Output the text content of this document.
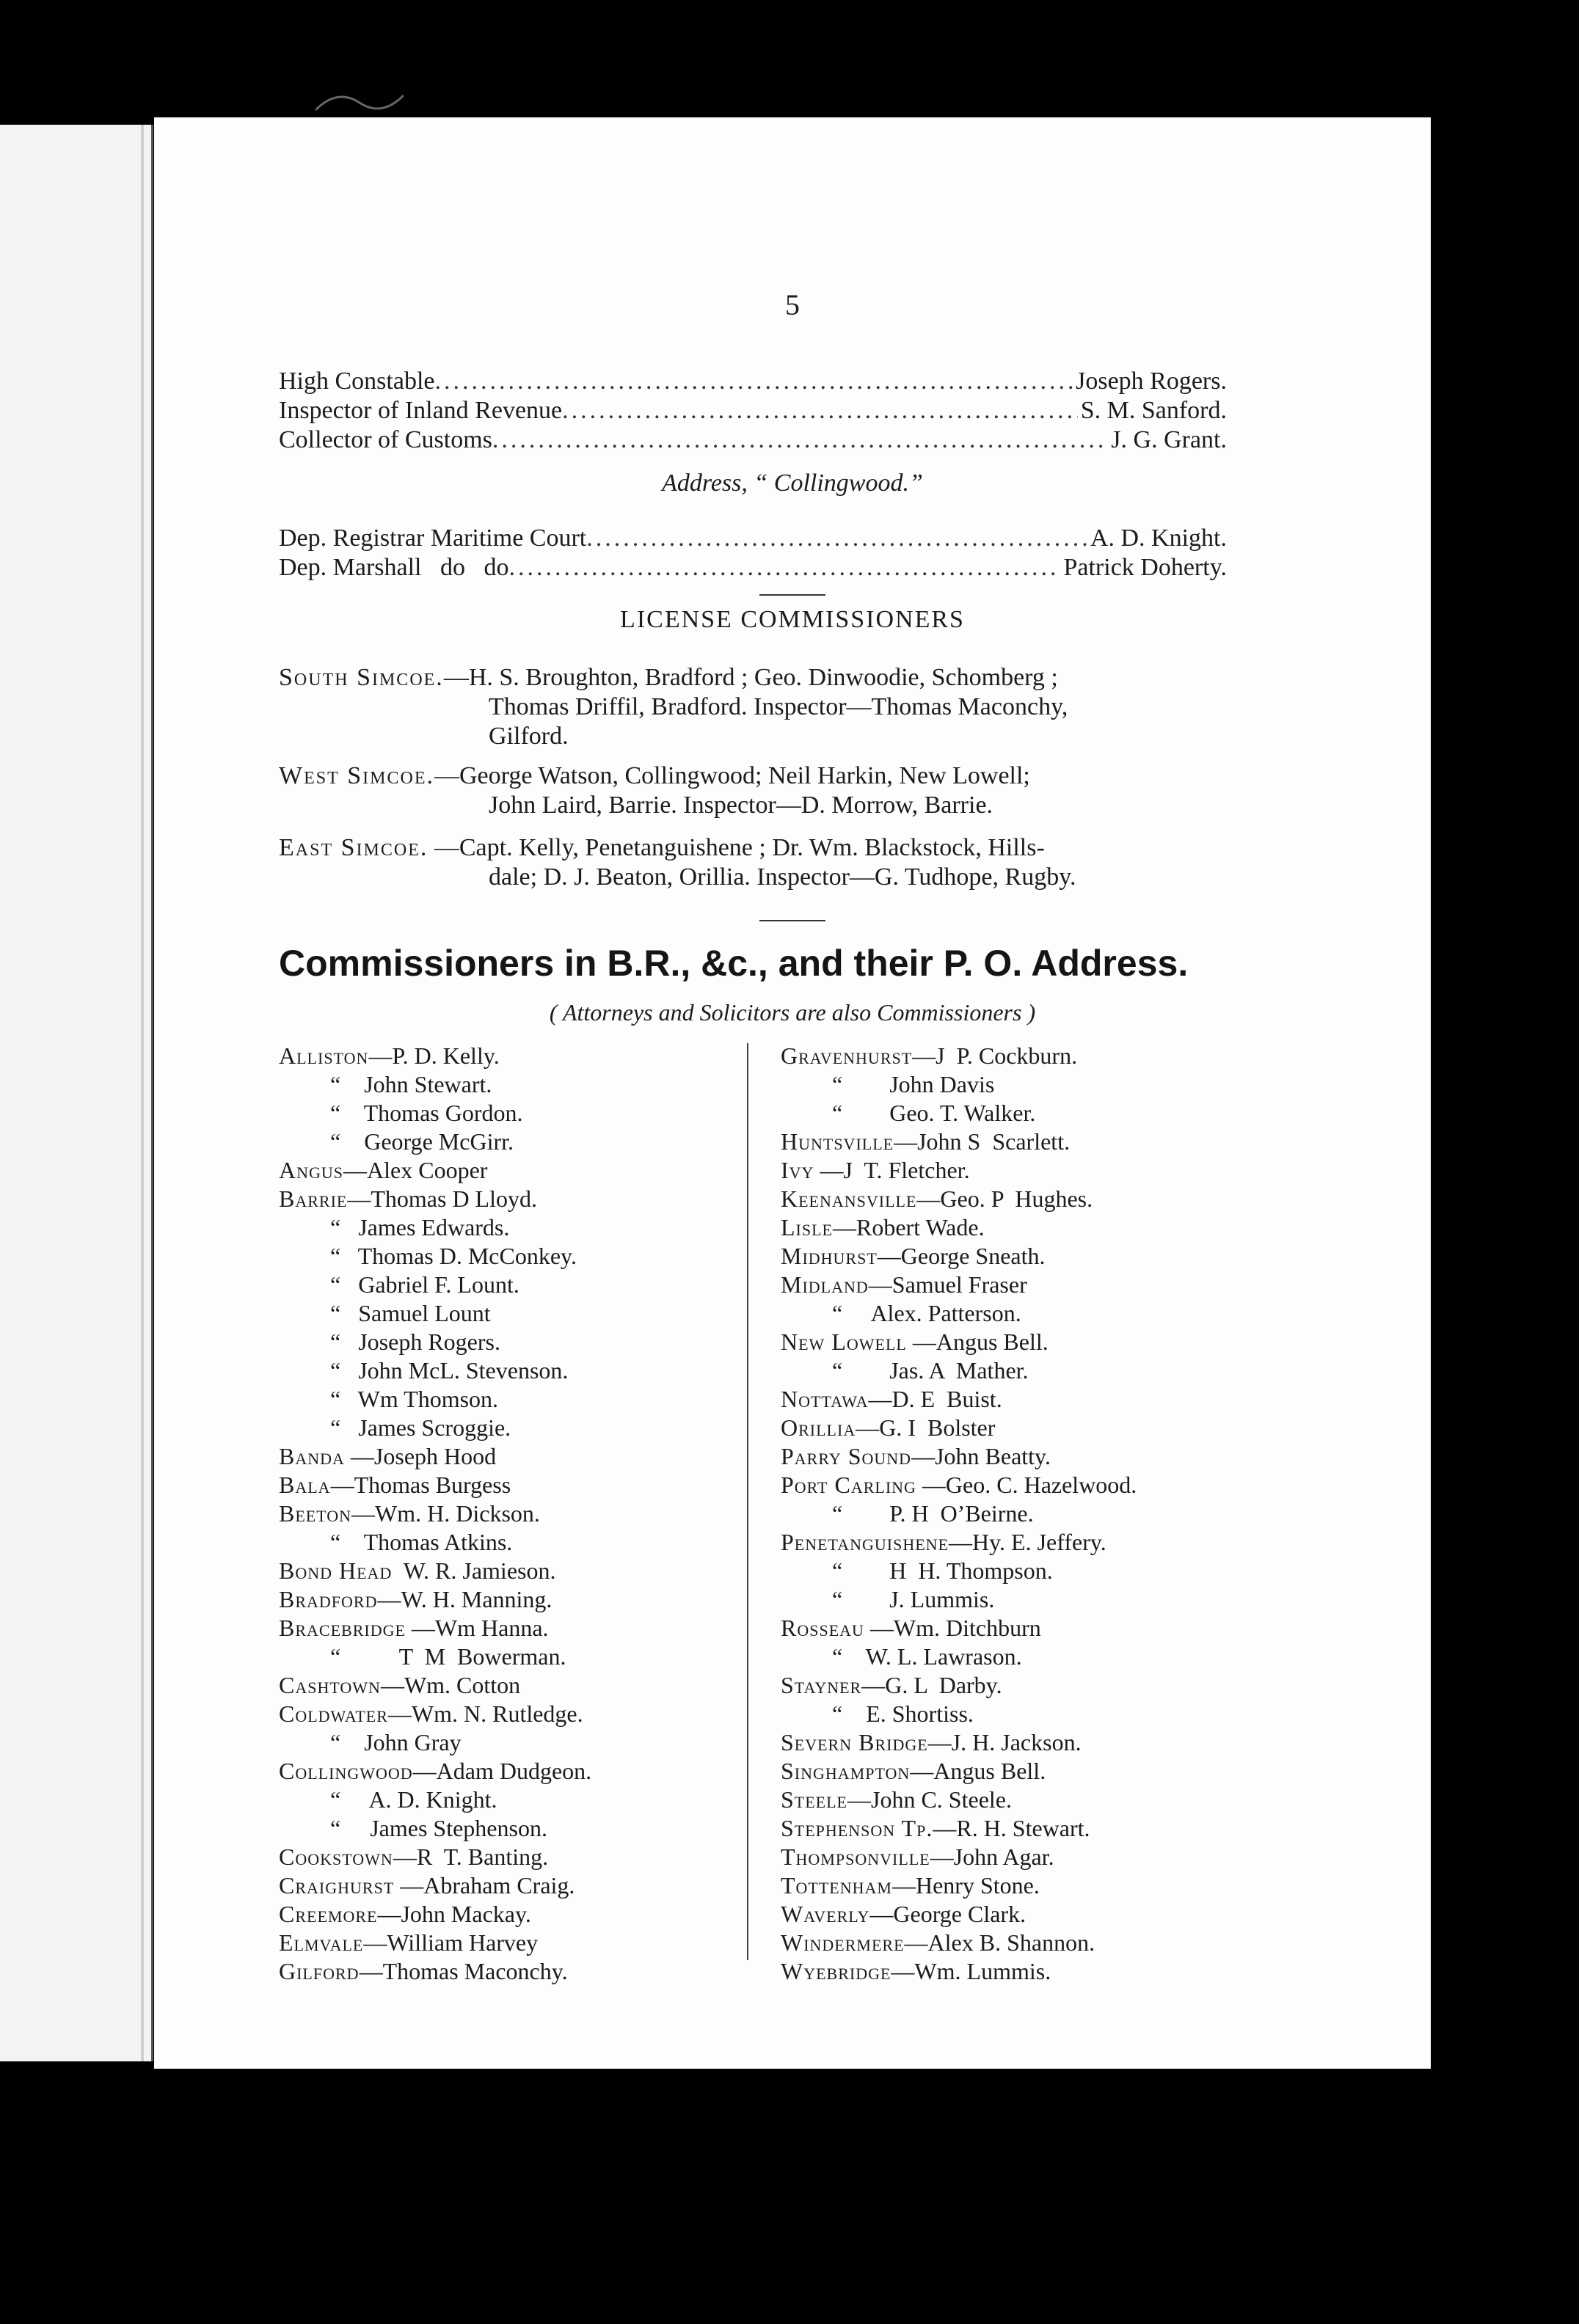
5
High Constable .....	Joseph Rogers.
Inspector of Inland Revenue .....	S. M. Sanford.
Collector of Customs .....	J. G. Grant.
Address, “ Collingwood.”
Dep. Registrar Maritime Court .....	A. D. Knight.
Dep. Marshall   do   do .....	Patrick Doherty.
LICENSE COMMISSIONERS
South Simcoe.—H. S. Broughton, Bradford ; Geo. Dinwoodie, Schomberg ;
Thomas Driffil, Bradford. Inspector—Thomas Maconchy,
Gilford.
West Simcoe.—George Watson, Collingwood; Neil Harkin, New Lowell;
John Laird, Barrie. Inspector—D. Morrow, Barrie.
East Simcoe. —Capt. Kelly, Penetanguishene ; Dr. Wm. Blackstock, Hills-
dale; D. J. Beaton, Orillia. Inspector—G. Tudhope, Rugby.
Commissioners in B.R., &c., and their P. O. Address.
( Attorneys and Solicitors are also Commissioners )
Alliston—P. D. Kelly.
“    John Stewart.
“    Thomas Gordon.
“    George McGirr.
Angus—Alex Cooper
Barrie—Thomas D Lloyd.
“   James Edwards.
“   Thomas D. McConkey.
“   Gabriel F. Lount.
“   Samuel Lount
“   Joseph Rogers.
“   John McL. Stevenson.
“   Wm Thomson.
“   James Scroggie.
Banda —Joseph Hood
Bala—Thomas Burgess
Beeton—Wm. H. Dickson.
“    Thomas Atkins.
Bond Head  W. R. Jamieson.
Bradford—W. H. Manning.
Bracebridge —Wm Hanna.
“          T  M  Bowerman.
Cashtown—Wm. Cotton
Coldwater—Wm. N. Rutledge.
“    John Gray
Collingwood—Adam Dudgeon.
“     A. D. Knight.
“     James Stephenson.
Cookstown—R  T. Banting.
Craighurst —Abraham Craig.
Creemore—John Mackay.
Elmvale—William Harvey
Gilford—Thomas Maconchy.
Gravenhurst—J  P. Cockburn.
“        John Davis
“        Geo. T. Walker.
Huntsville—John S  Scarlett.
Ivy —J  T. Fletcher.
Keenansville—Geo. P  Hughes.
Lisle—Robert Wade.
Midhurst—George Sneath.
Midland—Samuel Fraser
“     Alex. Patterson.
New Lowell —Angus Bell.
“        Jas. A  Mather.
Nottawa—D. E  Buist.
Orillia—G. I  Bolster
Parry Sound—John Beatty.
Port Carling —Geo. C. Hazelwood.
“        P. H  O’Beirne.
Penetanguishene—Hy. E. Jeffery.
“        H  H. Thompson.
“        J. Lummis.
Rosseau —Wm. Ditchburn
“    W. L. Lawrason.
Stayner—G. L  Darby.
“    E. Shortiss.
Severn Bridge—J. H. Jackson.
Singhampton—Angus Bell.
Steele—John C. Steele.
Stephenson Tp.—R. H. Stewart.
Thompsonville—John Agar.
Tottenham—Henry Stone.
Waverly—George Clark.
Windermere—Alex B. Shannon.
Wyebridge—Wm. Lummis.
